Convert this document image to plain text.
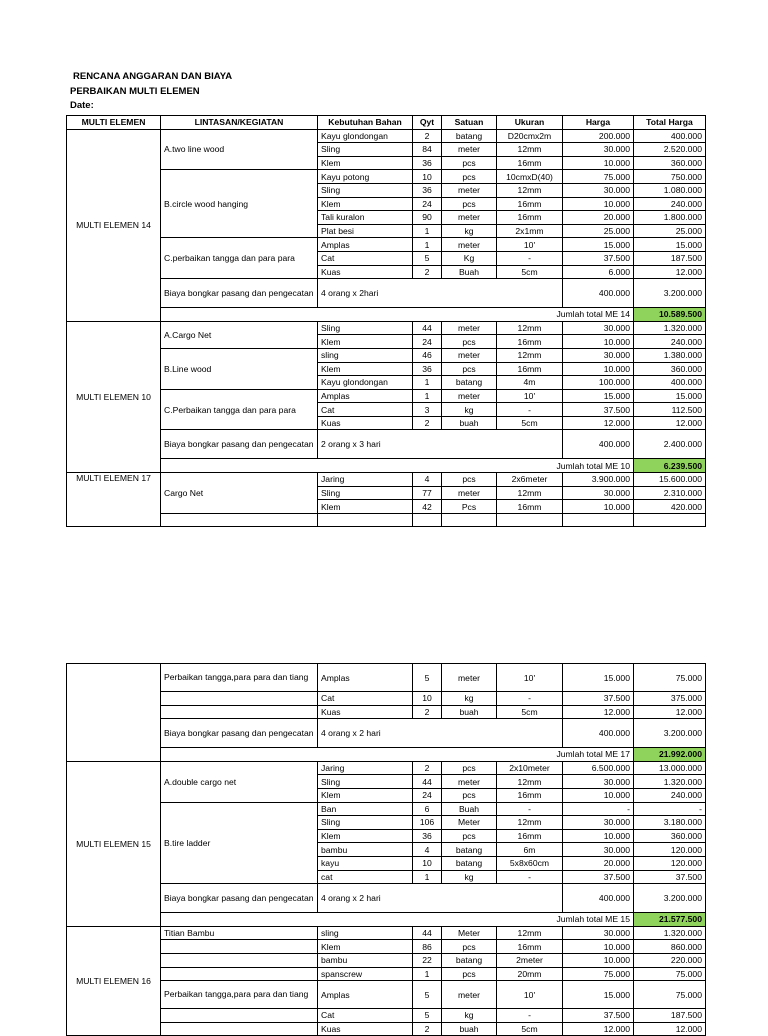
RENCANA ANGGARAN DAN BIAYA
PERBAIKAN MULTI ELEMEN
Date:
MULTI ELEMEN	LINTASAN/KEGIATAN	Kebutuhan Bahan	Qyt	Satuan	Ukuran	Harga	Total Harga
MULTI ELEMEN 14	A.two line wood	Kayu glondongan	2	batang	D20cmx2m	200.000	400.000
		Sling	84	meter	12mm	30.000	2.520.000
		Klem	36	pcs	16mm	10.000	360.000
	B.circle wood hanging	Kayu potong	10	pcs	10cmxD(40)	75.000	750.000
		Sling	36	meter	12mm	30.000	1.080.000
		Klem	24	pcs	16mm	10.000	240.000
		Tali kuralon	90	meter	16mm	20.000	1.800.000
		Plat besi	1	kg	2x1mm	25.000	25.000
	C.perbaikan tangga dan para para	Amplas	1	meter	10'	15.000	15.000
		Cat	5	Kg	-	37.500	187.500
		Kuas	2	Buah	5cm	6.000	12.000
	Biaya bongkar pasang dan pengecatan	4 orang x 2hari				400.000	3.200.000
	Jumlah total ME 14						10.589.500
MULTI ELEMEN 10	A.Cargo Net	Sling	44	meter	12mm	30.000	1.320.000
		Klem	24	pcs	16mm	10.000	240.000
	B.Line wood	sling	46	meter	12mm	30.000	1.380.000
		Klem	36	pcs	16mm	10.000	360.000
		Kayu glondongan	1	batang	4m	100.000	400.000
	C.Perbaikan tangga dan para para	Amplas	1	meter	10'	15.000	15.000
		Cat	3	kg	-	37.500	112.500
		Kuas	2	buah	5cm	12.000	12.000
	Biaya bongkar pasang dan pengecatan	2 orang x 3 hari				400.000	2.400.000
	Jumlah total ME 10						6.239.500
MULTI ELEMEN 17	Cargo Net	Jaring	4	pcs	2x6meter	3.900.000	15.600.000
		Sling	77	meter	12mm	30.000	2.310.000
		Klem	42	Pcs	16mm	10.000	420.000

	Perbaikan tangga,para para dan tiang	Amplas	5	meter	10'	15.000	75.000
		Cat	10	kg	-	37.500	375.000
		Kuas	2	buah	5cm	12.000	12.000
	Biaya bongkar pasang dan pengecatan	4 orang x 2 hari				400.000	3.200.000
	Jumlah total ME 17						21.992.000
MULTI ELEMEN 15	A.double cargo net	Jaring	2	pcs	2x10meter	6.500.000	13.000.000
		Sling	44	meter	12mm	30.000	1.320.000
		Klem	24	pcs	16mm	10.000	240.000
	B.tire ladder	Ban	6	Buah	-	-	-
		Sling	106	Meter	12mm	30.000	3.180.000
		Klem	36	pcs	16mm	10.000	360.000
		bambu	4	batang	6m	30.000	120.000
		kayu	10	batang	5x8x60cm	20.000	120.000
		cat	1	kg	-	37.500	37.500
	Biaya bongkar pasang dan pengecatan	4 orang x 2 hari				400.000	3.200.000
	Jumlah total ME 15						21.577.500
MULTI ELEMEN 16	Titian Bambu	sling	44	Meter	12mm	30.000	1.320.000
		Klem	86	pcs	16mm	10.000	860.000
		bambu	22	batang	2meter	10.000	220.000
		spanscrew	1	pcs	20mm	75.000	75.000
	Perbaikan tangga,para para dan tiang	Amplas	5	meter	10'	15.000	75.000
		Cat	5	kg	-	37.500	187.500
		Kuas	2	buah	5cm	12.000	12.000
